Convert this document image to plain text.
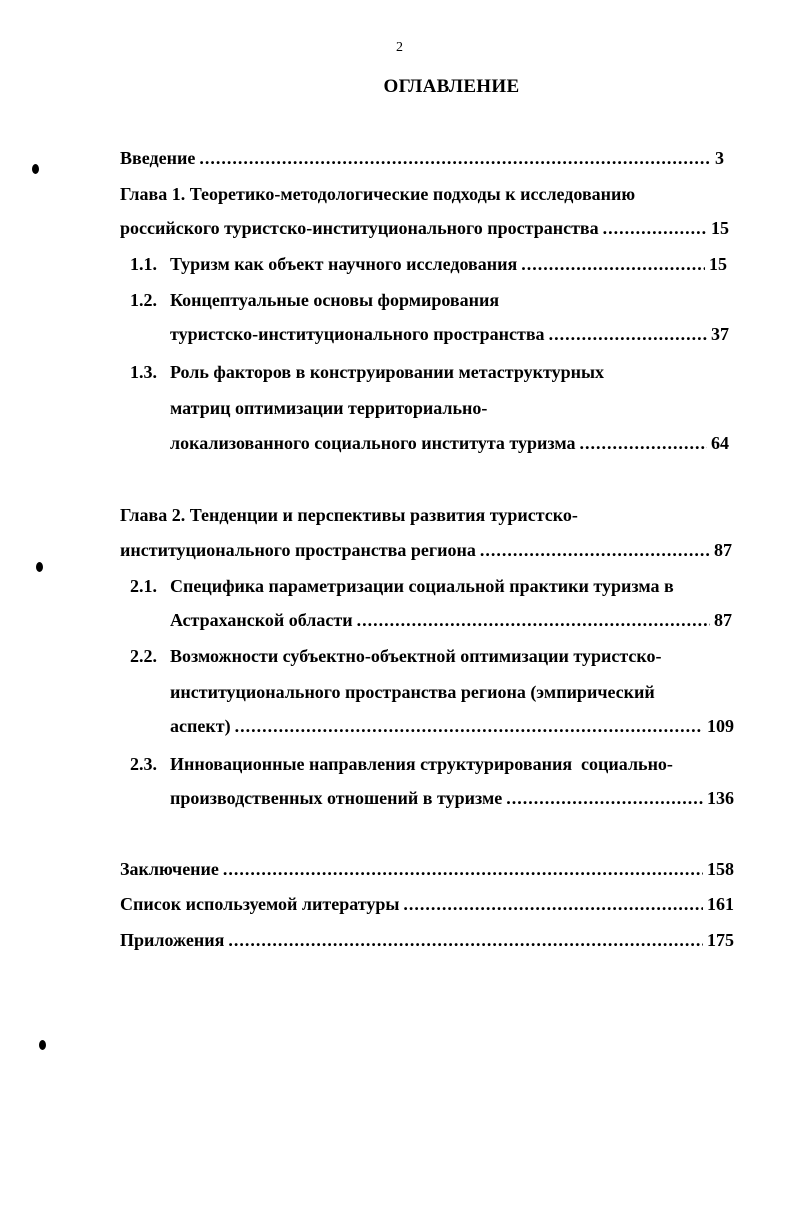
2
ОГЛАВЛЕНИЕ
Введение .....	3
Глава 1. Теоретико-методологические подходы к исследованию
российского туристско-институционального пространства .....	15
1.1. Туризм как объект научного исследования .....	15
1.2. Концептуальные основы формирования
туристско-институционального пространства .....	37
1.3. Роль факторов в конструировании метаструктурных
матриц оптимизации территориально-
локализованного социального института туризма .....	64
Глава 2. Тенденции и перспективы развития туристско-
институционального пространства региона .....	87
2.1. Специфика параметризации социальной практики туризма в
Астраханской области .....	87
2.2. Возможности субъектно-объектной оптимизации туристско-
институционального пространства региона (эмпирический
аспект) .....	109
2.3. Инновационные направления структурирования  социально-
производственных отношений в туризме .....	136
Заключение .....	158
Список используемой литературы .....	161
Приложения .....	175
